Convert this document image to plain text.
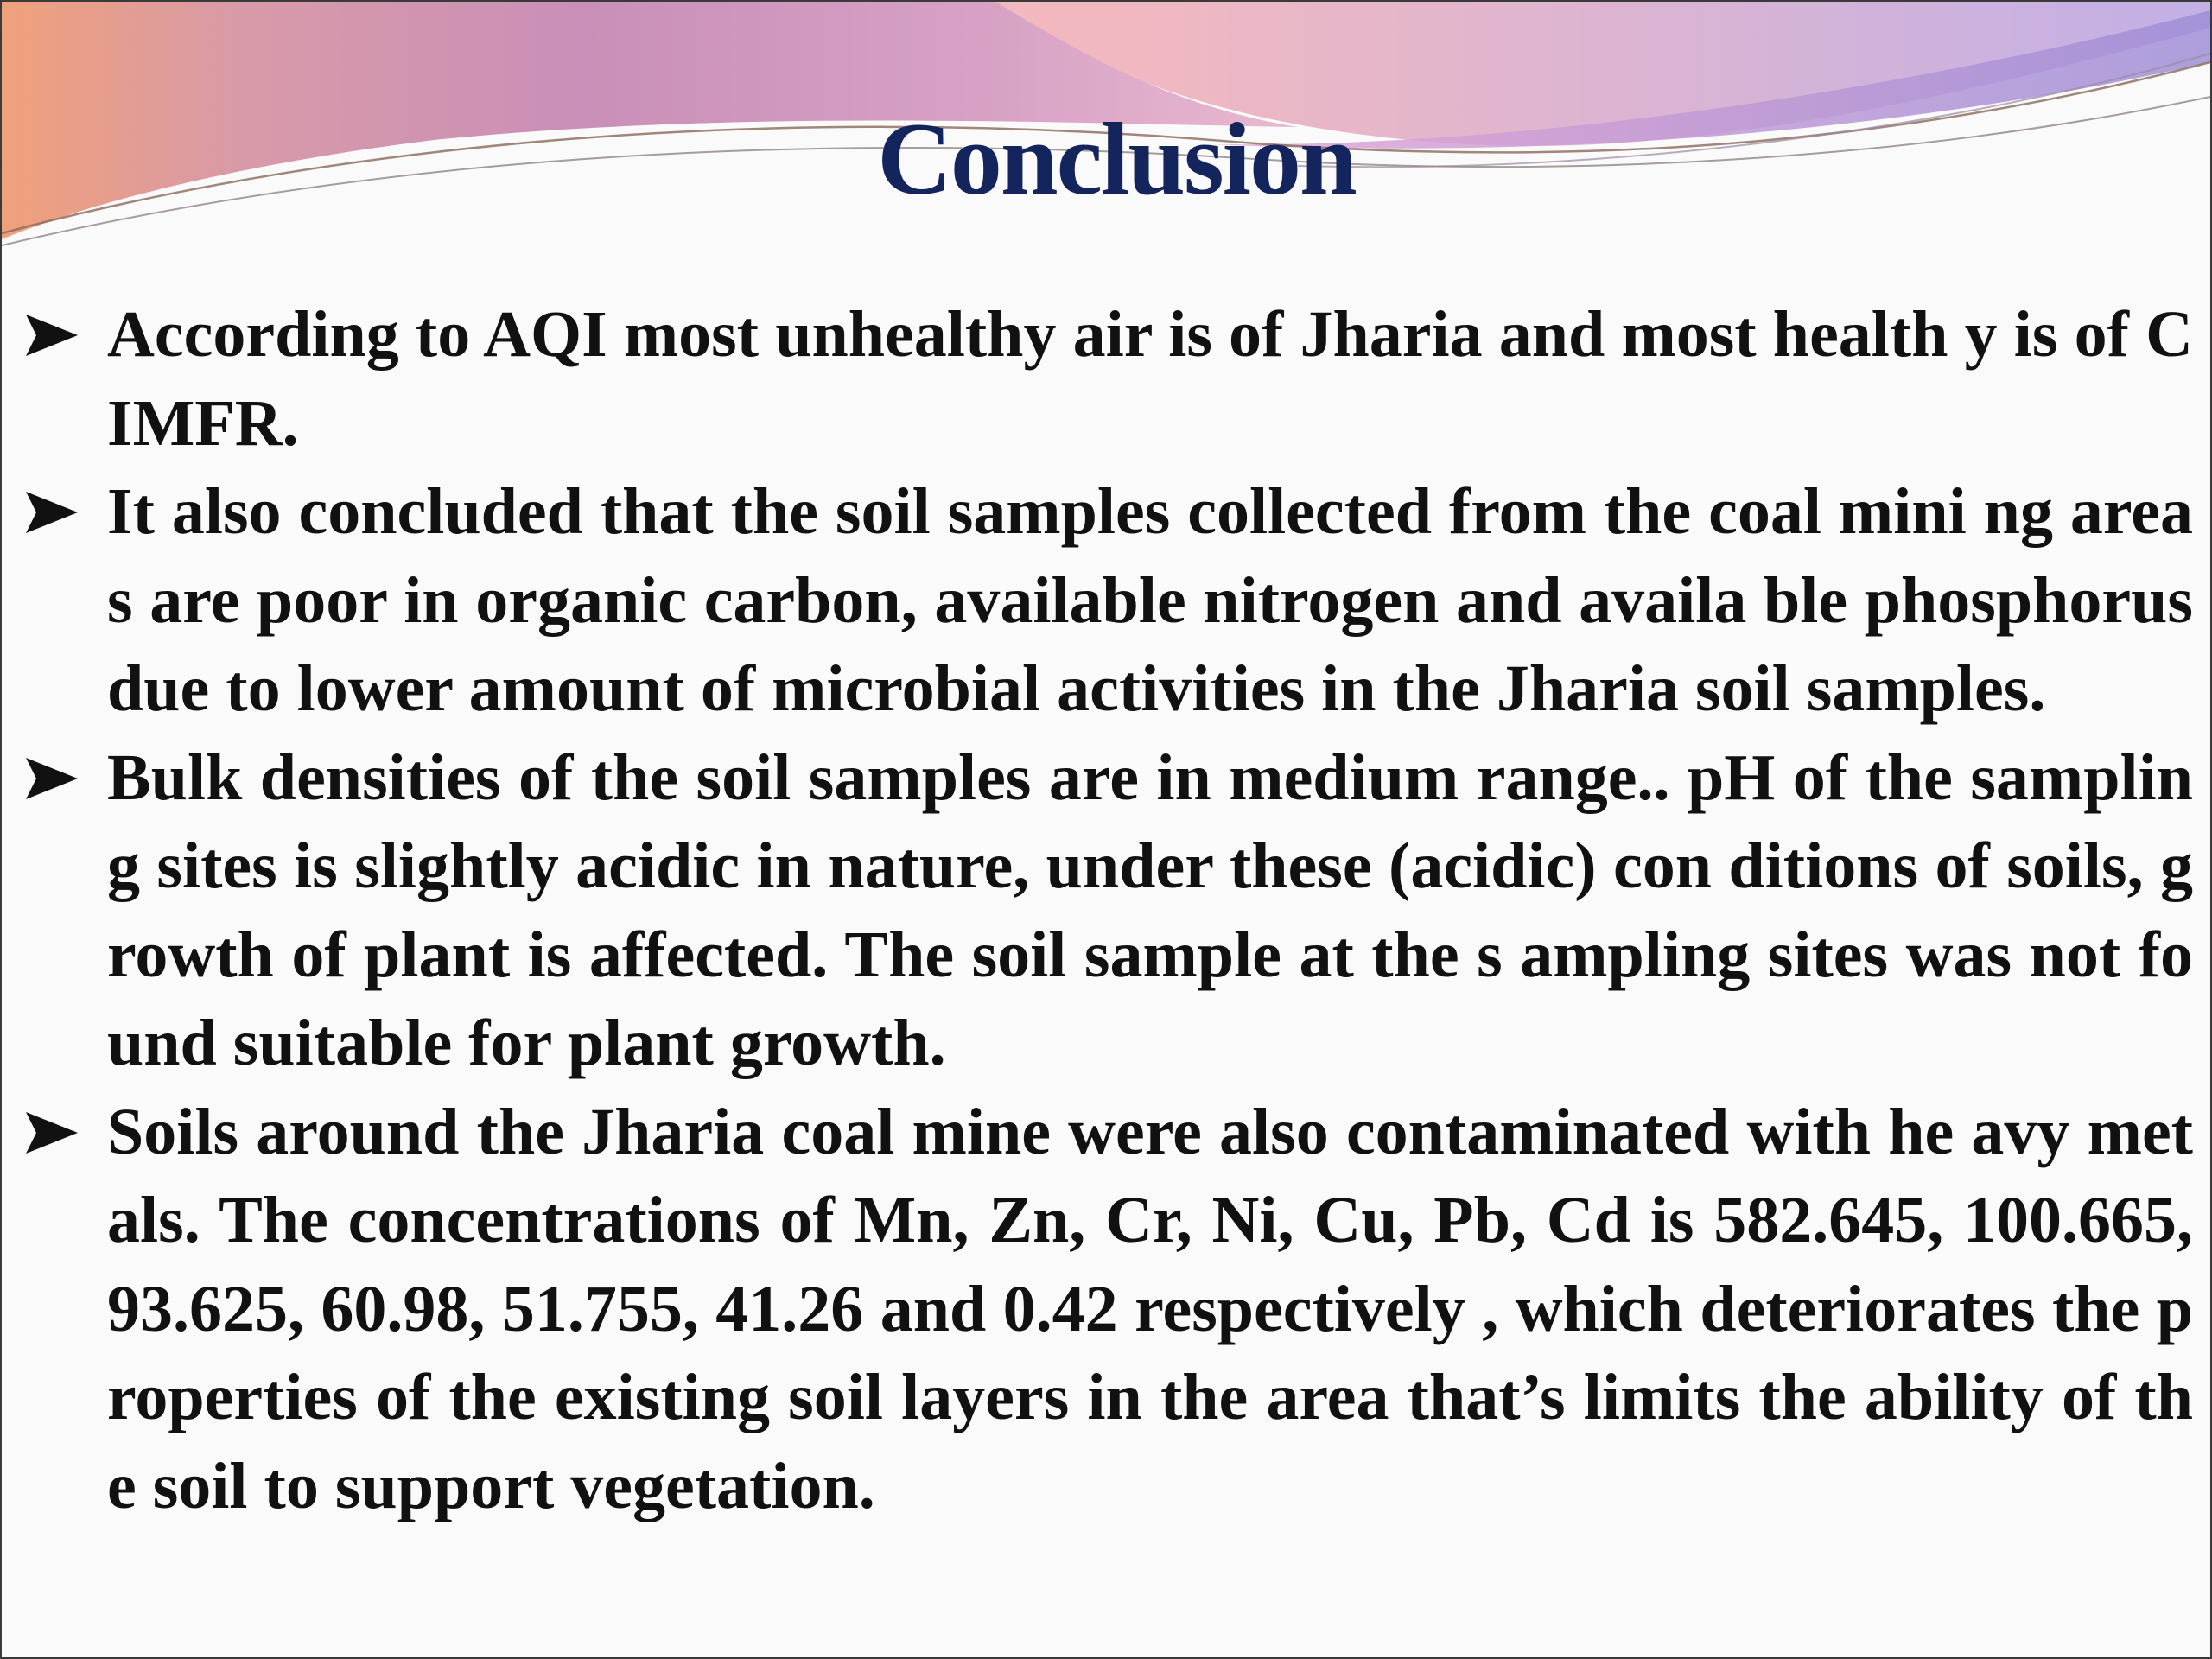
Conclusion
According to AQI most unhealthy air is of Jharia and most health y is of CIMFR.
It also concluded that the soil samples collected from the coal mini ng areas are poor in organic carbon, available nitrogen and availa ble phosphorus due to lower amount of microbial activities in the Jharia soil samples.
Bulk densities of the soil samples are in medium range.. pH of the sampling sites is slightly acidic in nature, under these (acidic) con ditions of soils, growth of plant is affected. The soil sample at the s ampling sites was not found suitable for plant growth.
Soils around the Jharia coal mine were also contaminated with he avy metals. The concentrations of Mn, Zn, Cr, Ni, Cu, Pb, Cd is 582.645, 100.665, 93.625, 60.98, 51.755, 41.26 and 0.42 respectively , which deteriorates the properties of the existing soil layers in the area that’s limits the ability of the soil to support vegetation.
